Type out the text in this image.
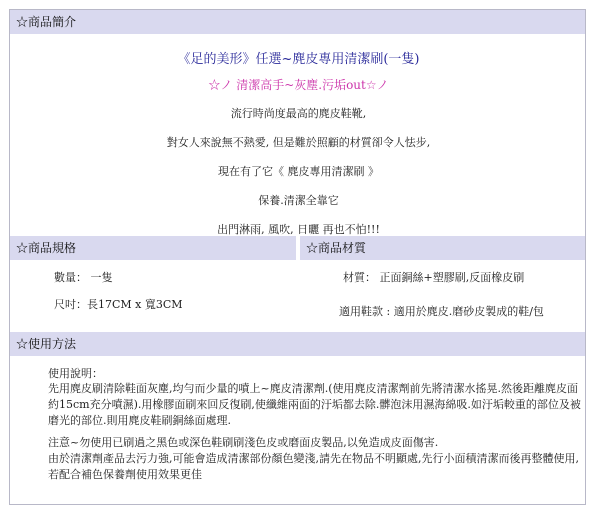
☆商品簡介
《足的美形》任選~麂皮專用清潔刷(一隻)
☆ノ 清潔高手~灰塵.污垢out☆ノ
流行時尚度最高的麂皮鞋靴,
對女人來說無不熱愛, 但是難於照顧的材質卻令人怯步,
現在有了它《 麂皮專用清潔刷 》
保養.清潔全靠它
出門淋雨, 風吹, 日曬 再也不怕!!!
☆商品規格	☆商品材質
數量： 一隻
尺吋：長17CM x 寬3CM
材質： 正面銅絲+塑膠刷,反面橡皮刷
適用鞋款 : 適用於麂皮.磨砂皮製成的鞋/包
☆使用方法
使用說明：
先用麂皮刷清除鞋面灰塵,均勻而少量的噴上~麂皮清潔劑.(使用麂皮清潔劑前先將清潔水搖晃.然後距離麂皮面約15cm充分噴濕).用橡膠面刷來回反復刷,使纖維兩面的汙垢都去除.髒泡沫用濕海綿吸.如汙垢較重的部位及被磨光的部位.則用麂皮鞋刷銅絲面處理.
注意~勿使用已刷過之黑色或深色鞋刷刷淺色皮或磨面皮製品,以免造成皮面傷害.
由於清潔劑產品去污力強,可能會造成清潔部份顏色變淺,請先在物品不明顯處,先行小面積清潔而後再整體使用,若配合補色保養劑使用效果更佳
